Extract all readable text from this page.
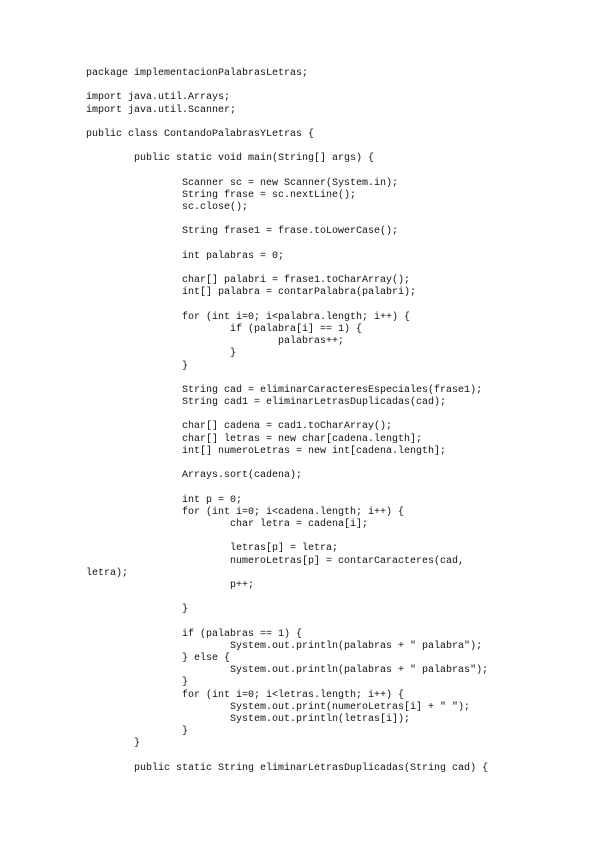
package implementacionPalabrasLetras;
import java.util.Arrays;
import java.util.Scanner;
public class ContandoPalabrasYLetras {
public static void main(String[] args) {
Scanner sc = new Scanner(System.in);
String frase = sc.nextLine();
sc.close();
String frase1 = frase.toLowerCase();
int palabras = 0;
char[] palabri = frase1.toCharArray();
int[] palabra = contarPalabra(palabri);
for (int i=0; i<palabra.length; i++) {
if (palabra[i] == 1) {
palabras++;
}
}
String cad = eliminarCaracteresEspeciales(frase1);
String cad1 = eliminarLetrasDuplicadas(cad);
char[] cadena = cad1.toCharArray();
char[] letras = new char[cadena.length];
int[] numeroLetras = new int[cadena.length];
Arrays.sort(cadena);
int p = 0;
for (int i=0; i<cadena.length; i++) {
char letra = cadena[i];
letras[p] = letra;
numeroLetras[p] = contarCaracteres(cad,
letra);
p++;
}
if (palabras == 1) {
System.out.println(palabras + " palabra");
} else {
System.out.println(palabras + " palabras");
}
for (int i=0; i<letras.length; i++) {
System.out.print(numeroLetras[i] + " ");
System.out.println(letras[i]);
}
}
public static String eliminarLetrasDuplicadas(String cad) {
